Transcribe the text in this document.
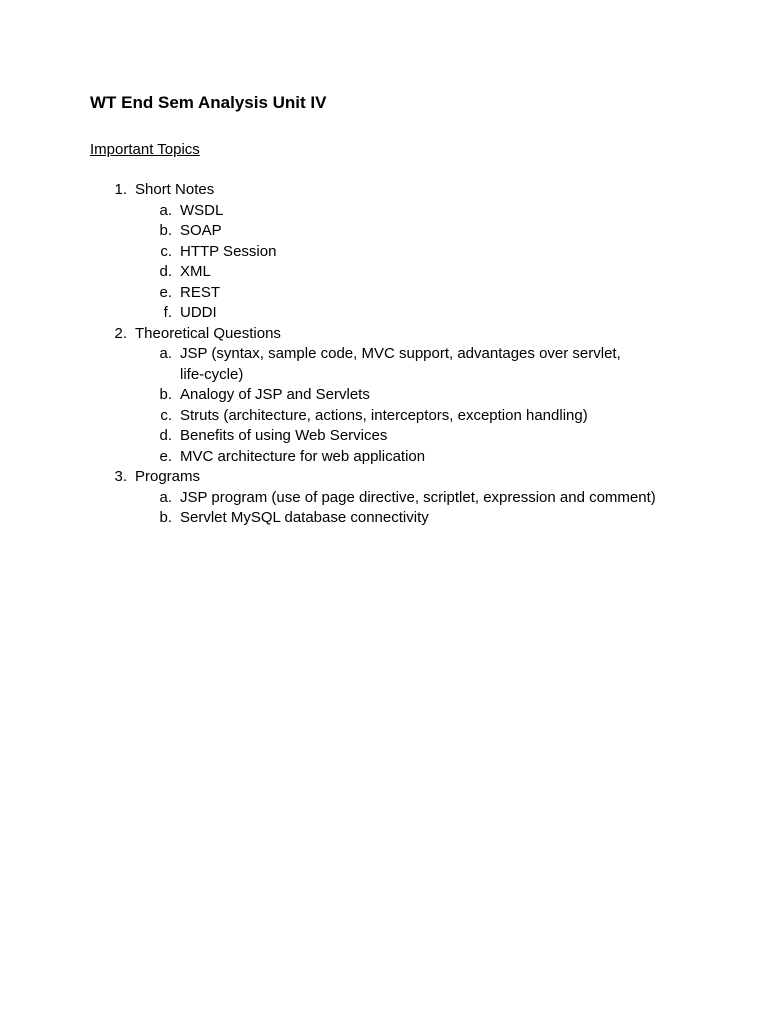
WT End Sem Analysis Unit IV
Important Topics
1. Short Notes
a. WSDL
b. SOAP
c. HTTP Session
d. XML
e. REST
f. UDDI
2. Theoretical Questions
a. JSP (syntax, sample code, MVC support, advantages over servlet,
life-cycle)
b. Analogy of JSP and Servlets
c. Struts (architecture, actions, interceptors, exception handling)
d. Benefits of using Web Services
e. MVC architecture for web application
3. Programs
a. JSP program (use of page directive, scriptlet, expression and comment)
b. Servlet MySQL database connectivity
